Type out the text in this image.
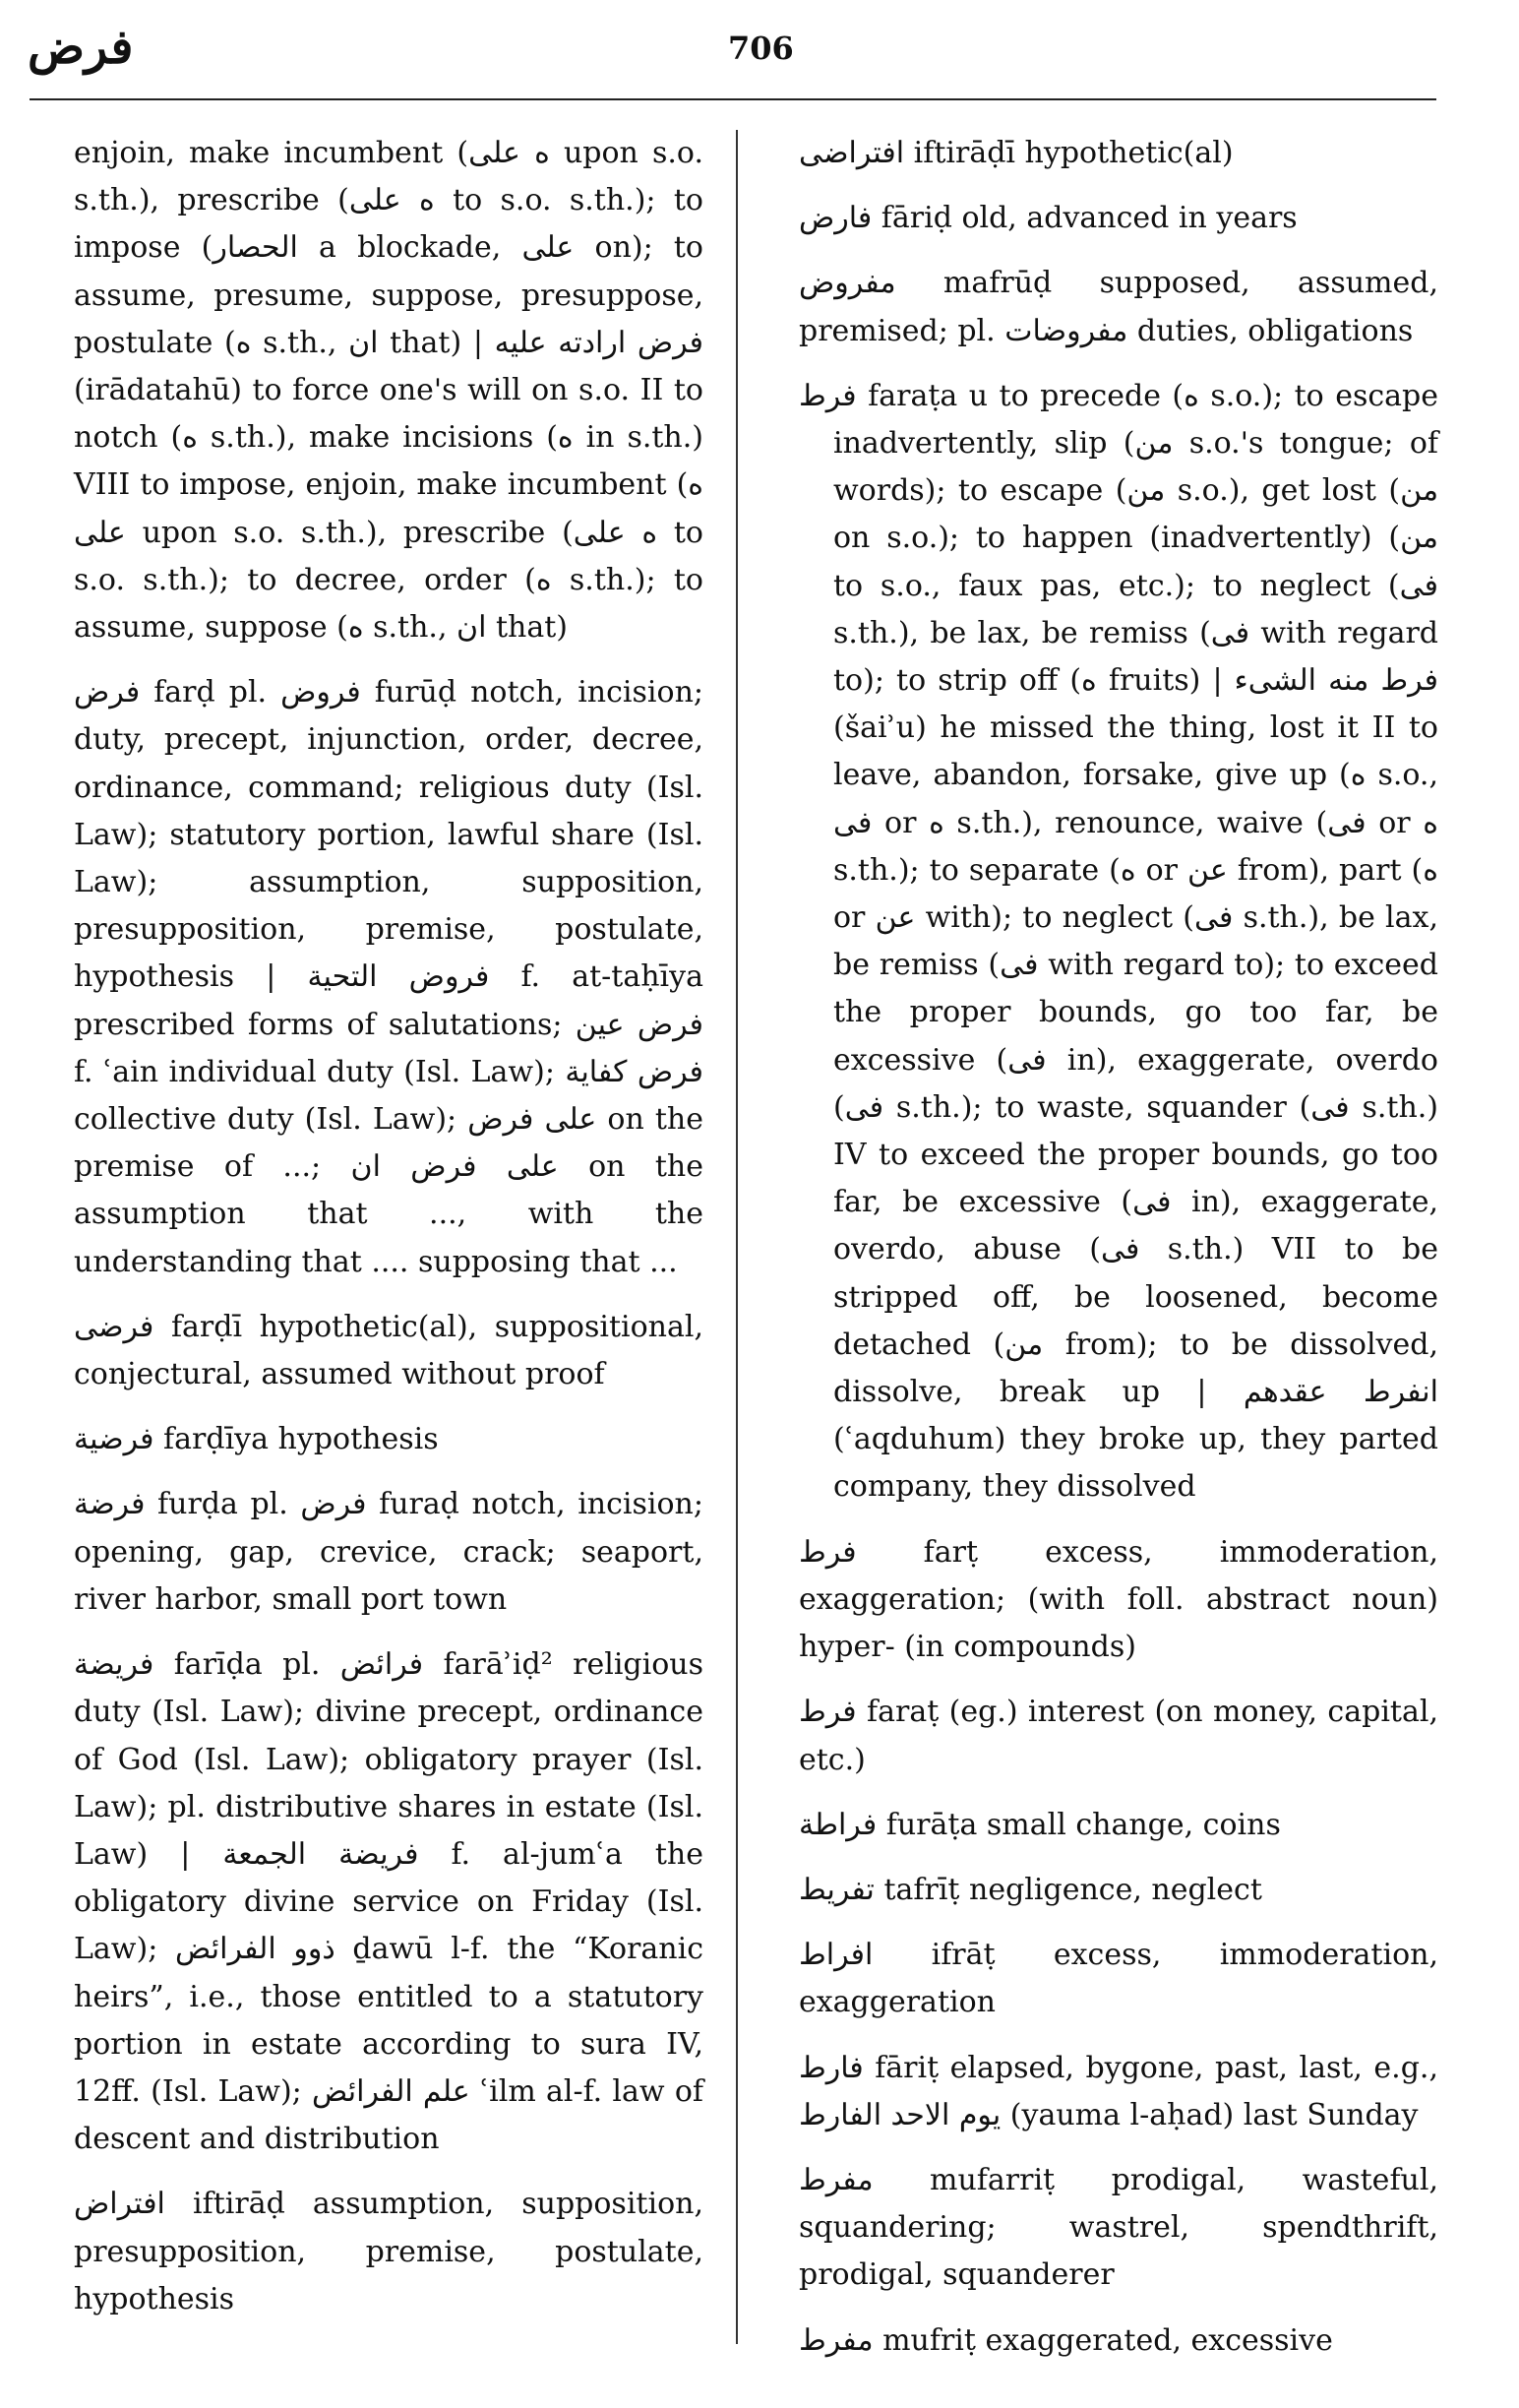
فرض	706

enjoin, make incumbent (ه على upon s.o. s.th.), prescribe (ه على to s.o. s.th.); to impose (الحصار a blockade, على on); to assume, presume, suppose, presuppose, postulate (ه s.th., ان that) | فرض ارادته عليه (irādatahū) to force one's will on s.o. II to notch (ه s.th.), make incisions (ه in s.th.) VIII to impose, enjoin, make incumbent (ه على upon s.o. s.th.), prescribe (ه على to s.o. s.th.); to decree, order (ه s.th.); to assume, suppose (ه s.th., ان that)

فرض farḍ pl. فروض furūḍ notch, incision; duty, precept, injunction, order, decree, ordinance, command; religious duty (Isl. Law); statutory portion, lawful share (Isl. Law); assumption, supposition, presupposition, premise, postulate, hypothesis | فروض التحية f. at-taḥīya prescribed forms of salutations; فرض عين f. ʿain individual duty (Isl. Law); فرض كفاية collective duty (Isl. Law); على فرض on the premise of ...; على فرض ان on the assumption that ..., with the understanding that .... supposing that ...

فرضى farḍī hypothetic(al), suppositional, conjectural, assumed without proof

فرضية farḍīya hypothesis

فرضة furḍa pl. فرض furaḍ notch, incision; opening, gap, crevice, crack; seaport, river harbor, small port town

فريضة farīḍa pl. فرائض farāʾiḍ² religious duty (Isl. Law); divine precept, ordinance of God (Isl. Law); obligatory prayer (Isl. Law); pl. distributive shares in estate (Isl. Law) | فريضة الجمعة f. al-jumʿa the obligatory divine service on Friday (Isl. Law); ذوو الفرائض ḏawū l-f. the “Koranic heirs”, i.e., those entitled to a statutory portion in estate according to sura IV, 12ff. (Isl. Law); علم الفرائض ʿilm al-f. law of descent and distribution

افتراض iftirāḍ assumption, supposition, presupposition, premise, postulate, hypothesis

افتراضى iftirāḍī hypothetic(al)

فارض fāriḍ old, advanced in years

مفروض mafrūḍ supposed, assumed, premised; pl. مفروضات duties, obligations

فرط faraṭa u to precede (ه s.o.); to escape inadvertently, slip (من s.o.'s tongue; of words); to escape (من s.o.), get lost (من on s.o.); to happen (inadvertently) (من to s.o., faux pas, etc.); to neglect (فى s.th.), be lax, be remiss (فى with regard to); to strip off (ه fruits) | فرط منه الشىء (šaiʾu) he missed the thing, lost it II to leave, abandon, forsake, give up (ه s.o., فى or ه s.th.), renounce, waive (فى or ه s.th.); to separate (ه or عن from), part (ه or عن with); to neglect (فى s.th.), be lax, be remiss (فى with regard to); to exceed the proper bounds, go too far, be excessive (فى in), exaggerate, overdo (فى s.th.); to waste, squander (فى s.th.) IV to exceed the proper bounds, go too far, be excessive (فى in), exaggerate, overdo, abuse (فى s.th.) VII to be stripped off, be loosened, become detached (من from); to be dissolved, dissolve, break up | انفرط عقدهم (ʿaqduhum) they broke up, they parted company, they dissolved

فرط farṭ excess, immoderation, exaggeration; (with foll. abstract noun) hyper- (in compounds)

فرط faraṭ (eg.) interest (on money, capital, etc.)

فراطة furāṭa small change, coins

تفريط tafrīṭ negligence, neglect

افراط ifrāṭ excess, immoderation, exaggeration

فارط fāriṭ elapsed, bygone, past, last, e.g., يوم الاحد الفارط (yauma l-aḥad) last Sunday

مفرط mufarriṭ prodigal, wasteful, squandering; wastrel, spendthrift, prodigal, squanderer

مفرط mufriṭ exaggerated, excessive
